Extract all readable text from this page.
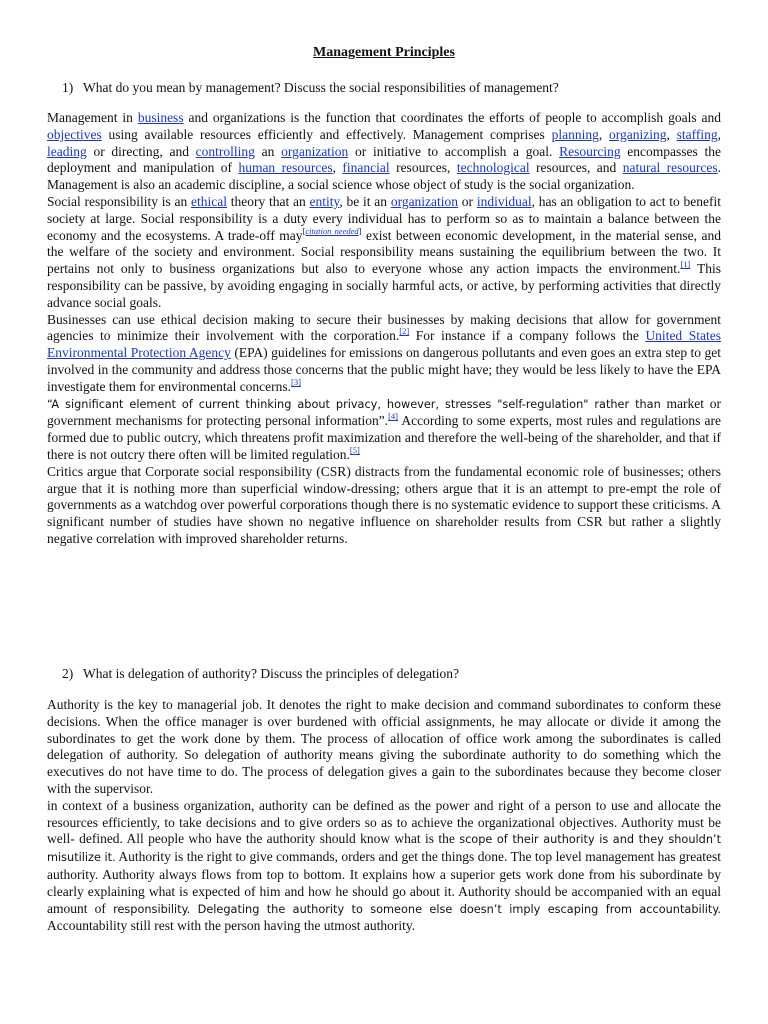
Management Principles
1) What do you mean by management? Discuss the social responsibilities of management?

Management in business and organizations is the function that coordinates the efforts of people to accomplish goals and objectives using available resources efficiently and effectively. Management comprises planning, organizing, staffing, leading or directing, and controlling an organization or initiative to accomplish a goal. Resourcing encompasses the deployment and manipulation of human resources, financial resources, technological resources, and natural resources. Management is also an academic discipline, a social science whose object of study is the social organization.

Social responsibility is an ethical theory that an entity, be it an organization or individual, has an obligation to act to benefit society at large. Social responsibility is a duty every individual has to perform so as to maintain a balance between the economy and the ecosystems. A trade-off may[citation needed] exist between economic development, in the material sense, and the welfare of the society and environment. Social responsibility means sustaining the equilibrium between the two. It pertains not only to business organizations but also to everyone whose any action impacts the environment.[1] This responsibility can be passive, by avoiding engaging in socially harmful acts, or active, by performing activities that directly advance social goals.

Businesses can use ethical decision making to secure their businesses by making decisions that allow for government agencies to minimize their involvement with the corporation.[2] For instance if a company follows the United States Environmental Protection Agency (EPA) guidelines for emissions on dangerous pollutants and even goes an extra step to get involved in the community and address those concerns that the public might have; they would be less likely to have the EPA investigate them for environmental concerns.[3]
“A significant element of current thinking about privacy, however, stresses "self-regulation" rather than market or government mechanisms for protecting personal information”.[4] According to some experts, most rules and regulations are formed due to public outcry, which threatens profit maximization and therefore the well-being of the shareholder, and that if there is not outcry there often will be limited regulation.[5]

Critics argue that Corporate social responsibility (CSR) distracts from the fundamental economic role of businesses; others argue that it is nothing more than superficial window-dressing; others argue that it is an attempt to pre-empt the role of governments as a watchdog over powerful corporations though there is no systematic evidence to support these criticisms. A significant number of studies have shown no negative influence on shareholder results from CSR but rather a slightly negative correlation with improved shareholder returns.

2) What is delegation of authority? Discuss the principles of delegation?

Authority is the key to managerial job. It denotes the right to make decision and command subordinates to conform these decisions. When the office manager is over burdened with official assignments, he may allocate or divide it among the subordinates to get the work done by them. The process of allocation of office work among the subordinates is called delegation of authority. So delegation of authority means giving the subordinate authority to do something which the executives do not have time to do. The process of delegation gives a gain to the subordinates because they become closer with the supervisor.

in context of a business organization, authority can be defined as the power and right of a person to use and allocate the resources efficiently, to take decisions and to give orders so as to achieve the organizational objectives. Authority must be well- defined. All people who have the authority should know what is the scope of their authority is and they shouldn’t misutilize it. Authority is the right to give commands, orders and get the things done. The top level management has greatest authority. Authority always flows from top to bottom. It explains how a superior gets work done from his subordinate by clearly explaining what is expected of him and how he should go about it. Authority should be accompanied with an equal amount of responsibility. Delegating the authority to someone else doesn’t imply escaping from accountability. Accountability still rest with the person having the utmost authority.
